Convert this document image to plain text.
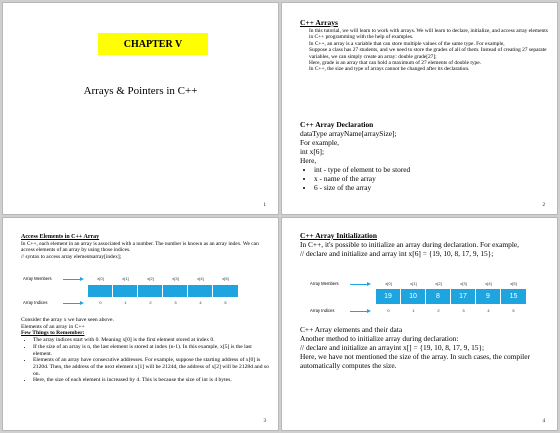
CHAPTER V
Arrays & Pointers in C++
1
C++ Arrays

In this tutorial, we will learn to work with arrays. We will learn to declare, initialize, and access array elements in C++ programming with the help of examples.

In C++, an array is a variable that can store multiple values of the same type. For example,

Suppose a class has 27 students, and we need to store the grades of all of them. Instead of creating 27 separate variables, we can simply create an array: double grade[27];

Here, grade is an array that can hold a maximum of 27 elements of double type.

In C++, the size and type of arrays cannot be changed after its declaration.

C++ Array Declaration

dataType arrayName[arraySize];

For example,

int x[6];

Here,

• int - type of element to be stored
• x - name of the array
• 6 - size of the array
2

Access Elements in C++ Array

In C++, each element in an array is associated with a number. The number is known as an array index. We can access elements of an array by using those indices.

// syntax to access array elementsarray[index];

Array Members	x[0]	x[1]	x[2]	x[3]	x[4]	x[5]
Array Indices	0	1	2	3	4	5

Consider the array x we have seen above.

Elements of an array in C++

Few Things to Remember:

• The array indices start with 0. Meaning x[0] is the first element stored at index 0.
• If the size of an array is n, the last element is stored at index (n-1). In this example, x[5] is the last element.
• Elements of an array have consecutive addresses. For example, suppose the starting address of x[0] is 2120d. Then, the address of the next element x[1] will be 2124d, the address of x[2] will be 2128d and so on.
• Here, the size of each element is increased by 4. This is because the size of int is 4 bytes.
3

C++ Array Initialization

In C++, it's possible to initialize an array during declaration. For example,

// declare and initialize and array int x[6] = {19, 10, 8, 17, 9, 15};

Array Members	x[0]	x[1]	x[2]	x[3]	x[4]	x[5]
19	10	8	17	9	15
Array Indices	0	1	2	3	4	5

C++ Array elements and their data

Another method to initialize array during declaration:

// declare and initialize an arrayint x[] = {19, 10, 8, 17, 9, 15};

Here, we have not mentioned the size of the array. In such cases, the compiler automatically computes the size.

4
